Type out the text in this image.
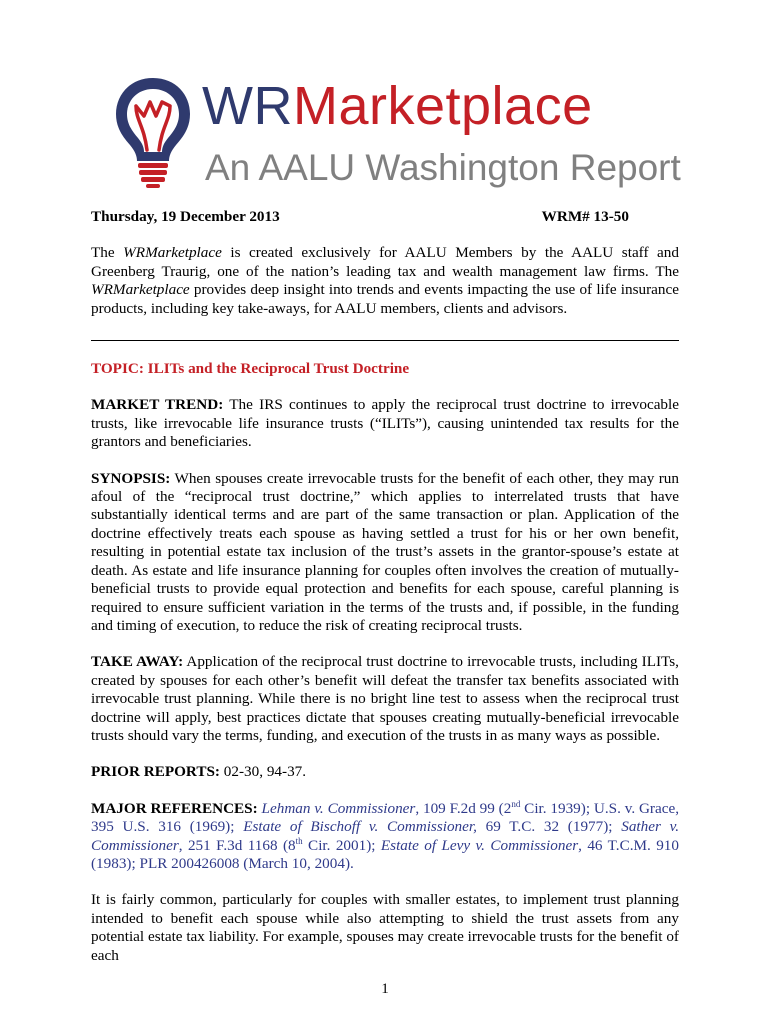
WRMarketplace
An AALU Washington Report
Thursday, 19 December 2013	WRM# 13-50

The WRMarketplace is created exclusively for AALU Members by the AALU staff and Greenberg Traurig, one of the nation’s leading tax and wealth management law firms. The WRMarketplace provides deep insight into trends and events impacting the use of life insurance products, including key take-aways, for AALU members, clients and advisors.

TOPIC: ILITs and the Reciprocal Trust Doctrine

MARKET TREND: The IRS continues to apply the reciprocal trust doctrine to irrevocable trusts, like irrevocable life insurance trusts (“ILITs”), causing unintended tax results for the grantors and beneficiaries.

SYNOPSIS: When spouses create irrevocable trusts for the benefit of each other, they may run afoul of the “reciprocal trust doctrine,” which applies to interrelated trusts that have substantially identical terms and are part of the same transaction or plan. Application of the doctrine effectively treats each spouse as having settled a trust for his or her own benefit, resulting in potential estate tax inclusion of the trust’s assets in the grantor-spouse’s estate at death. As estate and life insurance planning for couples often involves the creation of mutually-beneficial trusts to provide equal protection and benefits for each spouse, careful planning is required to ensure sufficient variation in the terms of the trusts and, if possible, in the funding and timing of execution, to reduce the risk of creating reciprocal trusts.

TAKE AWAY: Application of the reciprocal trust doctrine to irrevocable trusts, including ILITs, created by spouses for each other’s benefit will defeat the transfer tax benefits associated with irrevocable trust planning. While there is no bright line test to assess when the reciprocal trust doctrine will apply, best practices dictate that spouses creating mutually-beneficial irrevocable trusts should vary the terms, funding, and execution of the trusts in as many ways as possible.

PRIOR REPORTS: 02-30, 94-37.

MAJOR REFERENCES: Lehman v. Commissioner, 109 F.2d 99 (2nd Cir. 1939); U.S. v. Grace, 395 U.S. 316 (1969); Estate of Bischoff v. Commissioner, 69 T.C. 32 (1977); Sather v. Commissioner, 251 F.3d 1168 (8th Cir. 2001); Estate of Levy v. Commissioner, 46 T.C.M. 910 (1983); PLR 200426008 (March 10, 2004).

It is fairly common, particularly for couples with smaller estates, to implement trust planning intended to benefit each spouse while also attempting to shield the trust assets from any potential estate tax liability. For example, spouses may create irrevocable trusts for the benefit of each

1
